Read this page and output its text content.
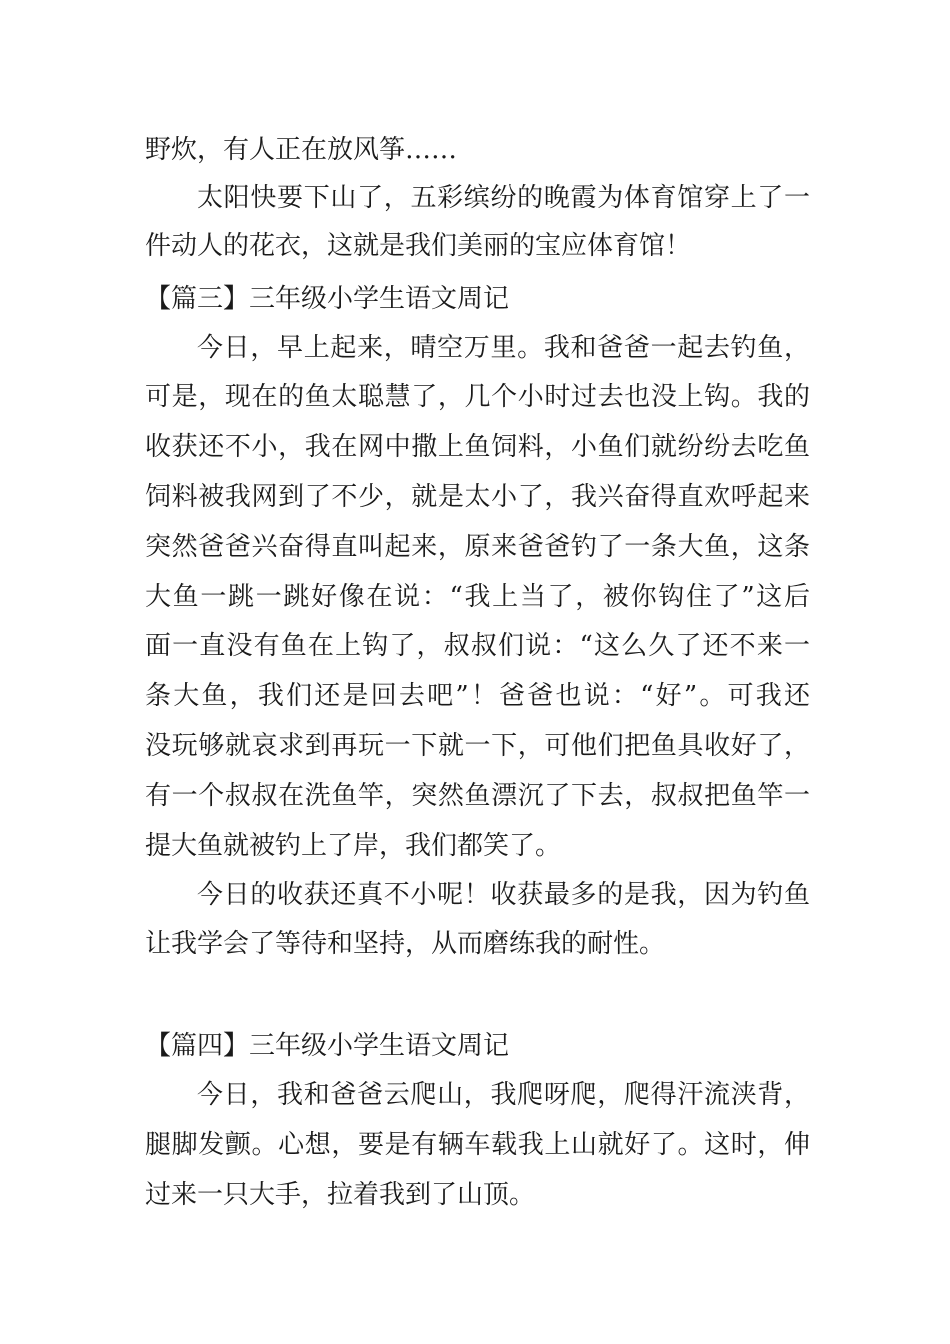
野炊，有人正在放风筝……
太阳快要下山了，五彩缤纷的晚霞为体育馆穿上了一
件动人的花衣，这就是我们美丽的宝应体育馆！
【篇三】三年级小学生语文周记
今日，早上起来，晴空万里。我和爸爸一起去钓鱼，
可是，现在的鱼太聪慧了，几个小时过去也没上钩。我的
收获还不小，我在网中撒上鱼饲料，小鱼们就纷纷去吃鱼
饲料被我网到了不少，就是太小了，我兴奋得直欢呼起来
突然爸爸兴奋得直叫起来，原来爸爸钓了一条大鱼，这条
大鱼一跳一跳好像在说：“我上当了，被你钩住了”这后
面一直没有鱼在上钩了，叔叔们说：“这么久了还不来一
条大鱼，我们还是回去吧”！爸爸也说：“好”。可我还
没玩够就哀求到再玩一下就一下，可他们把鱼具收好了，
有一个叔叔在洗鱼竿，突然鱼漂沉了下去，叔叔把鱼竿一
提大鱼就被钓上了岸，我们都笑了。
今日的收获还真不小呢！收获最多的是我，因为钓鱼
让我学会了等待和坚持，从而磨练我的耐性。
【篇四】三年级小学生语文周记
今日，我和爸爸云爬山，我爬呀爬，爬得汗流浃背，
腿脚发颤。心想，要是有辆车载我上山就好了。这时，伸
过来一只大手，拉着我到了山顶。
